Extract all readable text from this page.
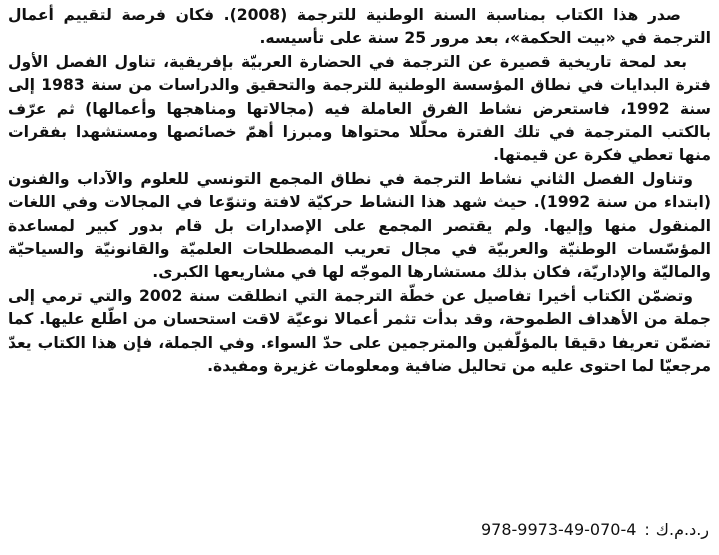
صدر هذا الكتاب بمناسبة السنة الوطنية للترجمة (2008). فكان فرصة لتقييم أعمال الترجمة في «بيت الحكمة»، بعد مرور 25 سنة على تأسيسه.

بعد لمحة تاريخية قصيرة عن الترجمة في الحضارة العربيّة بإفريقية، تناول الفصل الأول فترة البدايات في نطاق المؤسسة الوطنية للترجمة والتحقيق والدراسات من سنة 1983 إلى سنة 1992، فاستعرض نشاط الفرق العاملة فيه (مجالاتها ومناهجها وأعمالها) ثم عرّف بالكتب المترجمة في تلك الفترة محلّلا محتواها ومبرزا أهمّ خصائصها ومستشهدا بفقرات منها تعطي فكرة عن قيمتها.

وتناول الفصل الثاني نشاط الترجمة في نطاق المجمع التونسي للعلوم والآداب والفنون (ابتداء من سنة 1992). حيث شهد هذا النشاط حركيّة لافتة وتنوّعا في المجالات وفي اللغات المنقول منها وإليها. ولم يقتصر المجمع على الإصدارات بل قام بدور كبير لمساعدة المؤسّسات الوطنيّة والعربيّة في مجال تعريب المصطلحات العلميّة والقانونيّة والسياحيّة والماليّة والإداريّة، فكان بذلك مستشارها الموجّه لها في مشاريعها الكبرى.

وتضمّن الكتاب أخيرا تفاصيل عن خطّة الترجمة التي انطلقت سنة 2002 والتي ترمي إلى جملة من الأهداف الطموحة، وقد بدأت تثمر أعمالا نوعيّة لاقت استحسان من اطّلع عليها. كما تضمّن تعريفا دقيقا بالمؤلّفين والمترجمين على حدّ السواء. وفي الجملة، فإن هذا الكتاب يعدّ مرجعيّا لما احتوى عليه من تحاليل ضافية ومعلومات غزيرة ومفيدة.

ر.د.م.ك:978-9973-49-070-4
